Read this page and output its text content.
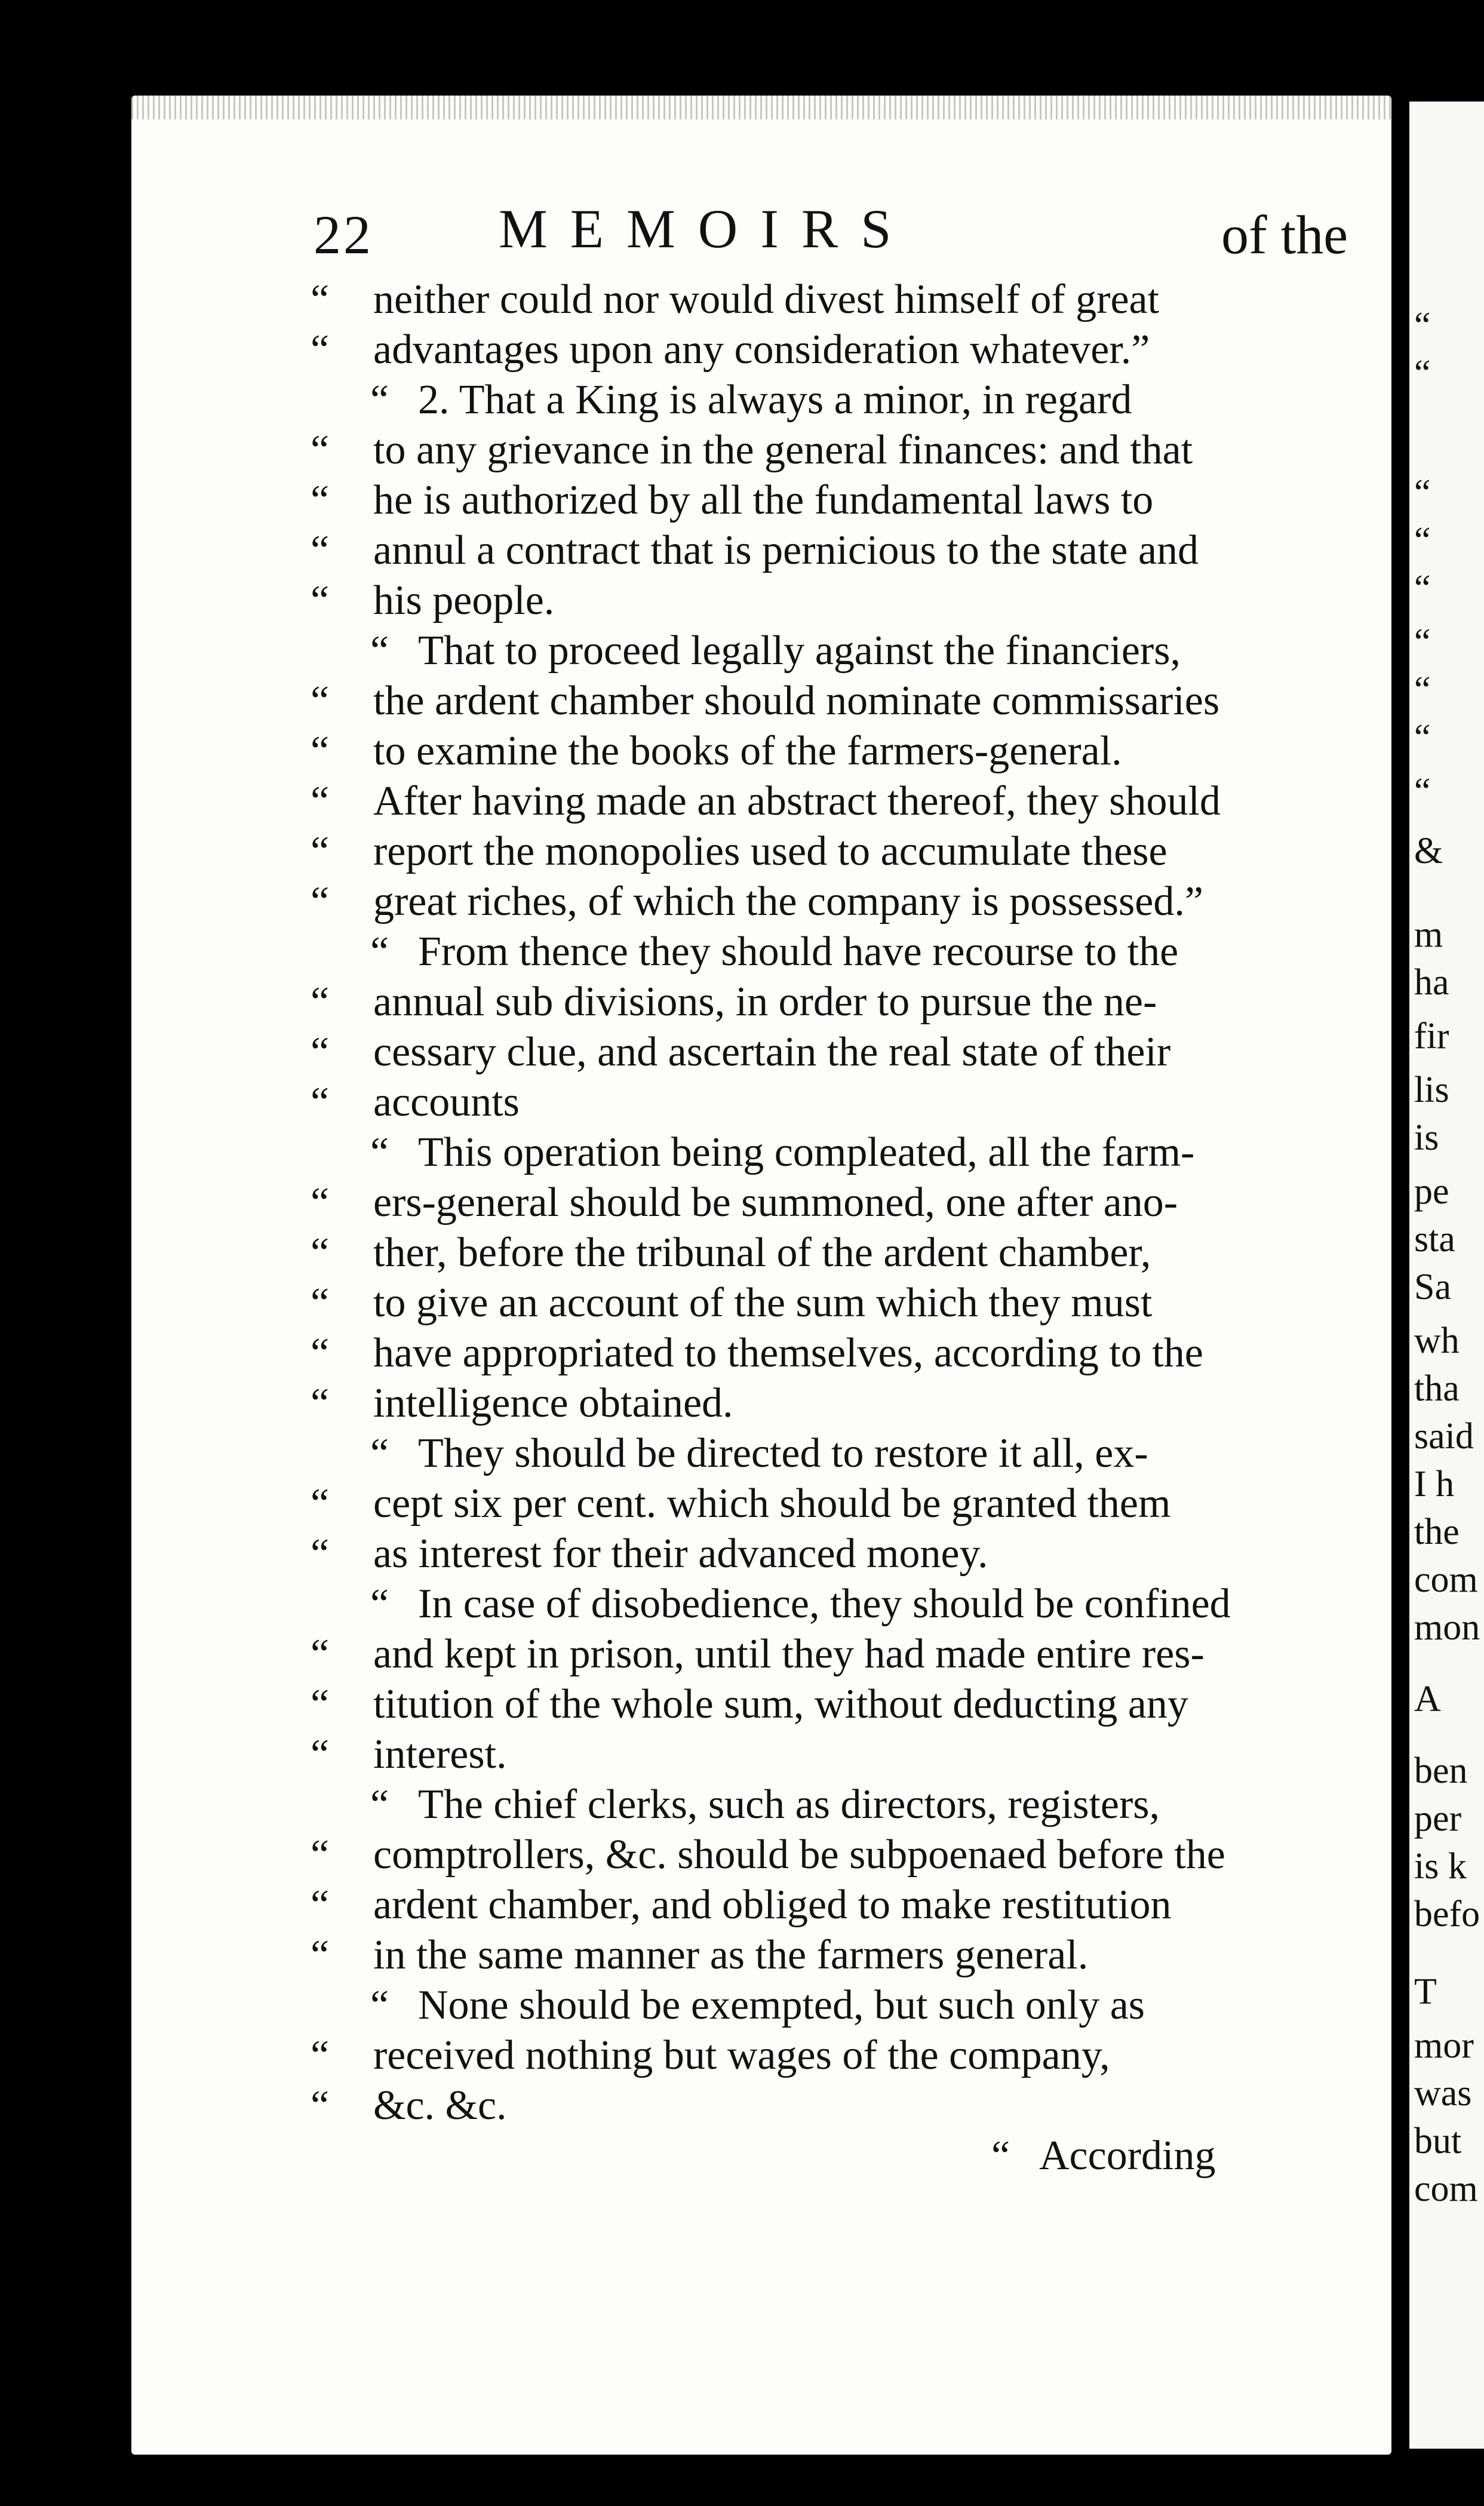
22 MEMOIRS	of the
“	neither could nor would divest himself of great
“	advantages upon any consideration whatever.”
“ 2. That a King is always a minor, in regard
“	to any grievance in the general finances: and that
“	he is authorized by all the fundamental laws to
“	annul a contract that is pernicious to the state and
“	his people.
“ That to proceed legally against the financiers,
“	the ardent chamber should nominate commissaries
“	to examine the books of the farmers-general.
“	After having made an abstract thereof, they should
“	report the monopolies used to accumulate these
“	great riches, of which the company is possessed.”
“ From thence they should have recourse to the
“	annual sub divisions, in order to pursue the ne-
“	cessary clue, and ascertain the real state of their
“	accounts
“ This operation being compleated, all the farm-
“	ers-general should be summoned, one after ano-
“	ther, before the tribunal of the ardent chamber,
“	to give an account of the sum which they must
“	have appropriated to themselves, according to the
“	intelligence obtained.
“ They should be directed to restore it all, ex-
“	cept six per cent. which should be granted them
“	as interest for their advanced money.
“ In case of disobedience, they should be confined
“	and kept in prison, until they had made entire res-
“	titution of the whole sum, without deducting any
“	interest.
“ The chief clerks, such as directors, registers,
“	comptrollers, &c. should be subpoenaed before the
“	ardent chamber, and obliged to make restitution
“	in the same manner as the farmers general.
“ None should be exempted, but such only as
“	received nothing but wages of the company,
“	&c. &c.
“ According
“
“
“
“
“
“
“
“
“
&
m
ha
fir
lis
is
pe
sta
Sa
wh
tha
said
I h
the
com
mon
A
ben
per
is k
befo
T
mor
was
but
com
